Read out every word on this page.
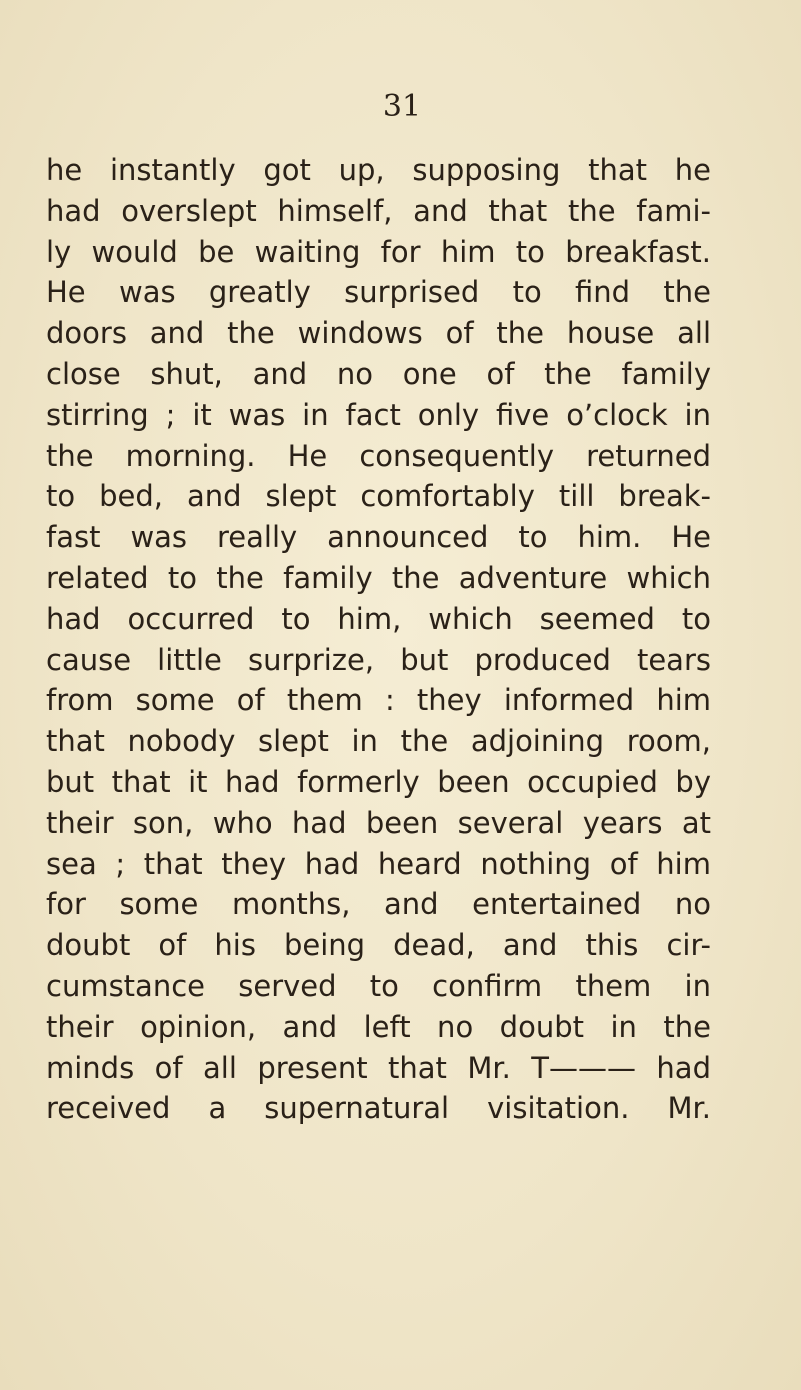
31
he instantly got up, supposing that he
had overslept himself, and that the fami-
ly would be waiting for him to breakfast.
He was greatly surprised to find the
doors and the windows of the house all
close shut, and no one of the family
stirring ; it was in fact only five o’clock in
the morning. He consequently returned
to bed, and slept comfortably till break-
fast was really announced to him. He
related to the family the adventure which
had occurred to him, which seemed to
cause little surprize, but produced tears
from some of them : they informed him
that nobody slept in the adjoining room,
but that it had formerly been occupied by
their son, who had been several years at
sea ; that they had heard nothing of him
for some months, and entertained no
doubt of his being dead, and this cir-
cumstance served to confirm them in
their opinion, and left no doubt in the
minds of all present that Mr. T——— had
received a supernatural visitation. Mr.
